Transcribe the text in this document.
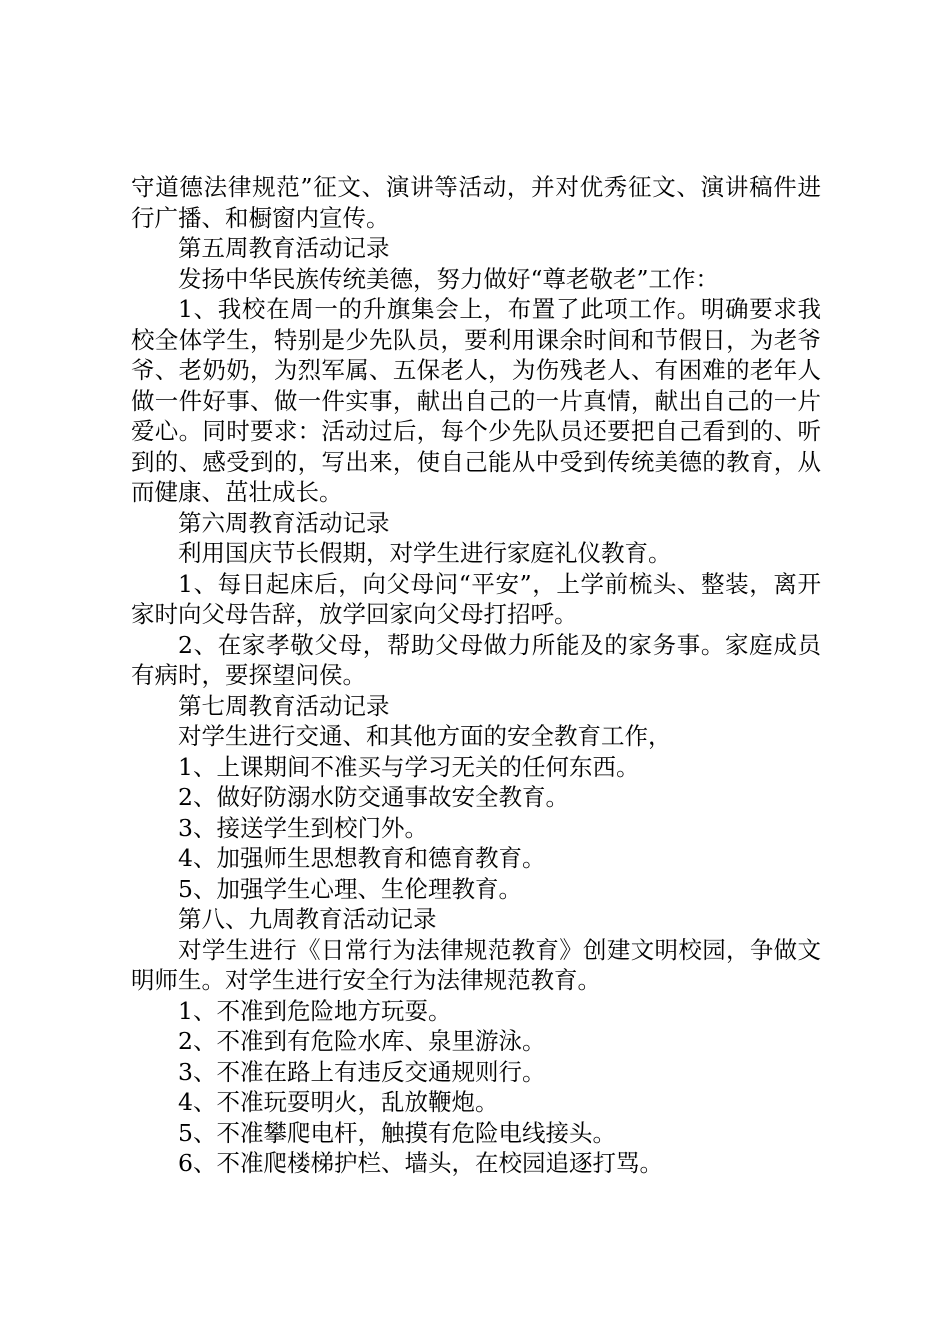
守道德法律规范”征文、演讲等活动，并对优秀征文、演讲稿件进行广播、和橱窗内宣传。

第五周教育活动记录

发扬中华民族传统美德，努力做好“尊老敬老”工作：

1、我校在周一的升旗集会上，布置了此项工作。明确要求我校全体学生，特别是少先队员，要利用课余时间和节假日，为老爷爷、老奶奶，为烈军属、五保老人，为伤残老人、有困难的老年人做一件好事、做一件实事，献出自己的一片真情，献出自己的一片爱心。同时要求：活动过后，每个少先队员还要把自己看到的、听到的、感受到的，写出来，使自己能从中受到传统美德的教育，从而健康、茁壮成长。

第六周教育活动记录

利用国庆节长假期，对学生进行家庭礼仪教育。

1、每日起床后，向父母问“平安”，上学前梳头、整装，离开家时向父母告辞，放学回家向父母打招呼。

2、在家孝敬父母，帮助父母做力所能及的家务事。家庭成员有病时，要探望问侯。

第七周教育活动记录

对学生进行交通、和其他方面的安全教育工作，

1、上课期间不准买与学习无关的任何东西。

2、做好防溺水防交通事故安全教育。

3、接送学生到校门外。

4、加强师生思想教育和德育教育。

5、加强学生心理、生伦理教育。

第八、九周教育活动记录

对学生进行《日常行为法律规范教育》创建文明校园，争做文明师生。对学生进行安全行为法律规范教育。

1、不准到危险地方玩耍。

2、不准到有危险水库、泉里游泳。

3、不准在路上有违反交通规则行。

4、不准玩耍明火，乱放鞭炮。

5、不准攀爬电杆，触摸有危险电线接头。

6、不准爬楼梯护栏、墙头，在校园追逐打骂。
